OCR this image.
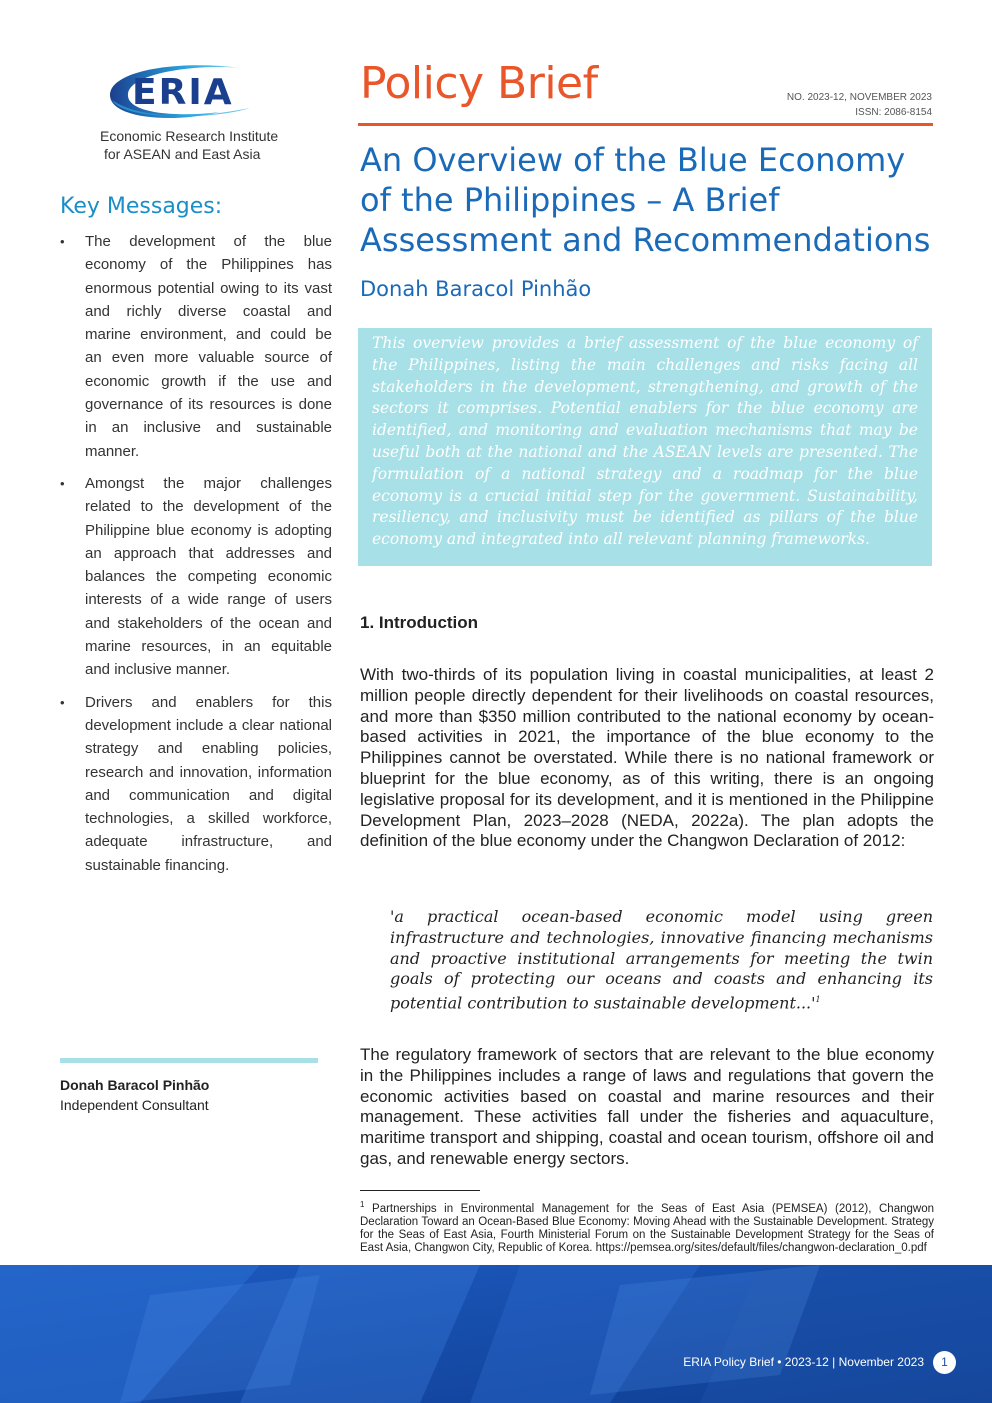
ERIA
Economic Research Institute
for ASEAN and East Asia
Policy Brief	NO. 2023-12, NOVEMBER 2023
ISSN: 2086-8154
An Overview of the Blue Economy of the Philippines – A Brief Assessment and Recommendations
Donah Baracol Pinhão

This overview provides a brief assessment of the blue economy of the Philippines, listing the main challenges and risks facing all stakeholders in the development, strengthening, and growth of the sectors it comprises. Potential enablers for the blue economy are identified, and monitoring and evaluation mechanisms that may be useful both at the national and the ASEAN levels are presented. The formulation of a national strategy and a roadmap for the blue economy is a crucial initial step for the government. Sustainability, resiliency, and inclusivity must be identified as pillars of the blue economy and integrated into all relevant planning frameworks.

Key Messages:
• The development of the blue economy of the Philippines has enormous potential owing to its vast and richly diverse coastal and marine environment, and could be an even more valuable source of economic growth if the use and governance of its resources is done in an inclusive and sustainable manner.
• Amongst the major challenges related to the development of the Philippine blue economy is adopting an approach that addresses and balances the competing economic interests of a wide range of users and stakeholders of the ocean and marine resources, in an equitable and inclusive manner.
• Drivers and enablers for this development include a clear national strategy and enabling policies, research and innovation, information and communication and digital technologies, a skilled workforce, adequate infrastructure, and sustainable financing.
Donah Baracol Pinhão
Independent Consultant
1. Introduction

With two-thirds of its population living in coastal municipalities, at least 2 million people directly dependent for their livelihoods on coastal resources, and more than $350 million contributed to the national economy by ocean-based activities in 2021, the importance of the blue economy to the Philippines cannot be overstated. While there is no national framework or blueprint for the blue economy, as of this writing, there is an ongoing legislative proposal for its development, and it is mentioned in the Philippine Development Plan, 2023–2028 (NEDA, 2022a). The plan adopts the definition of the blue economy under the Changwon Declaration of 2012:

'a practical ocean-based economic model using green infrastructure and technologies, innovative financing mechanisms and proactive institutional arrangements for meeting the twin goals of protecting our oceans and coasts and enhancing its potential contribution to sustainable development...'$^1$

The regulatory framework of sectors that are relevant to the blue economy in the Philippines includes a range of laws and regulations that govern the economic activities based on coastal and marine resources and their management. These activities fall under the fisheries and aquaculture, maritime transport and shipping, coastal and ocean tourism, offshore oil and gas, and renewable energy sectors.

$^1$ Partnerships in Environmental Management for the Seas of East Asia (PEMSEA) (2012), Changwon Declaration Toward an Ocean-Based Blue Economy: Moving Ahead with the Sustainable Development. Strategy for the Seas of East Asia, Fourth Ministerial Forum on the Sustainable Development Strategy for the Seas of East Asia, Changwon City, Republic of Korea. https://pemsea.org/sites/default/files/changwon-declaration_0.pdf

ERIA Policy Brief • 2023-12 | November 2023	1
